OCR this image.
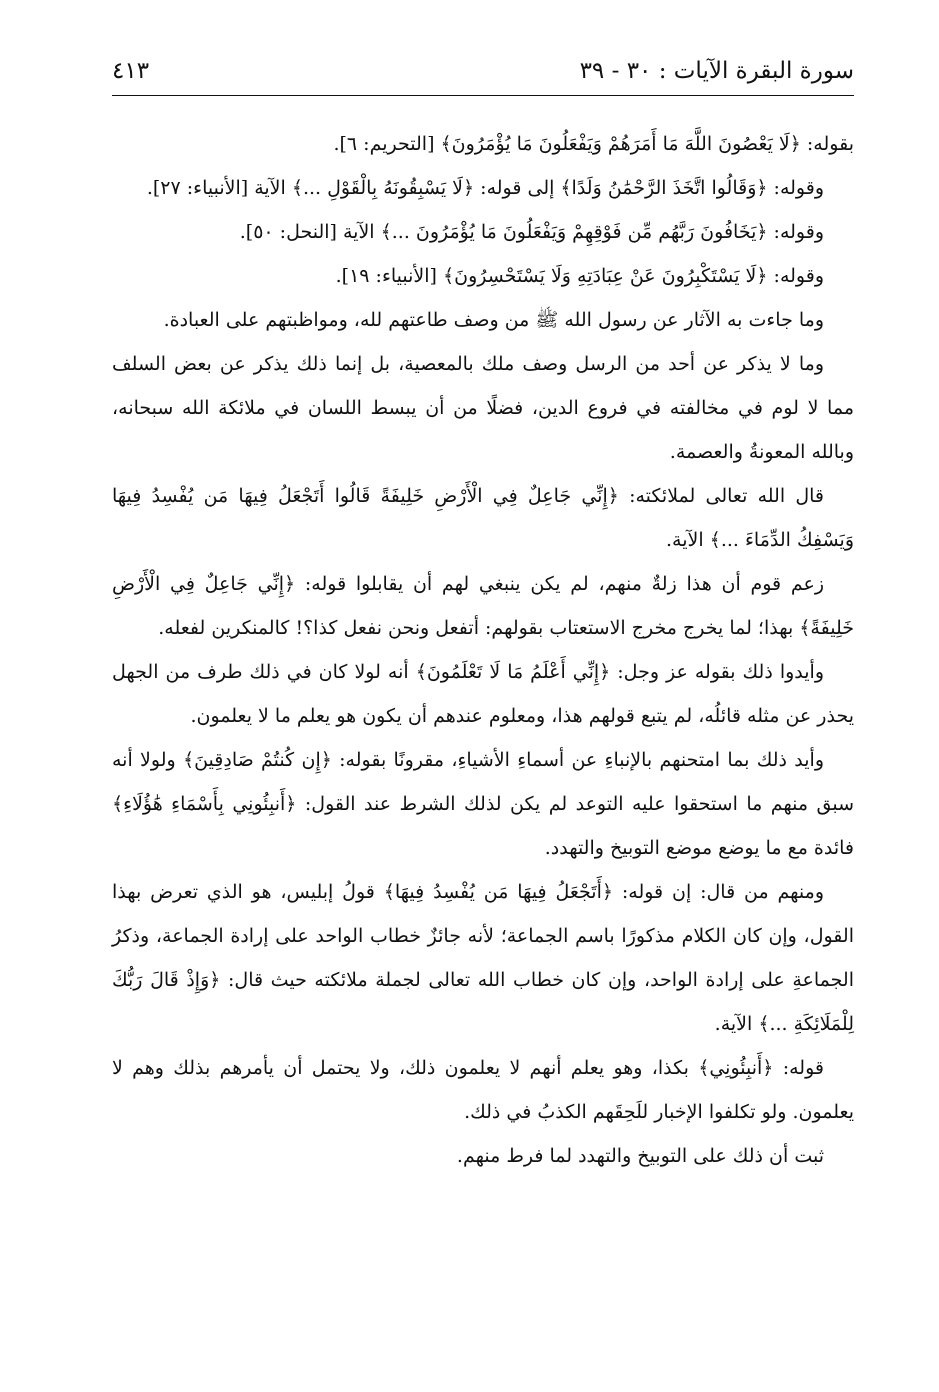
سورة البقرة الآيات : ٣٠ - ٣٩
٤١٣

بقوله: ﴿لَا يَعْصُونَ اللَّهَ مَا أَمَرَهُمْ وَيَفْعَلُونَ مَا يُؤْمَرُونَ﴾ [التحريم: ٦].

وقوله: ﴿وَقَالُوا اتَّخَذَ الرَّحْمَٰنُ وَلَدًا﴾ إلى قوله: ﴿لَا يَسْبِقُونَهُ بِالْقَوْلِ ...﴾ الآية [الأنبياء: ٢٧].

وقوله: ﴿يَخَافُونَ رَبَّهُم مِّن فَوْقِهِمْ وَيَفْعَلُونَ مَا يُؤْمَرُونَ ...﴾ الآية [النحل: ٥٠].

وقوله: ﴿لَا يَسْتَكْبِرُونَ عَنْ عِبَادَتِهِ وَلَا يَسْتَحْسِرُونَ﴾ [الأنبياء: ١٩].

وما جاءت به الآثار عن رسول الله ﷺ من وصف طاعتهم لله، ومواظبتهم على العبادة.

وما لا يذكر عن أحد من الرسل وصف ملك بالمعصية، بل إنما ذلك يذكر عن بعض السلف مما لا لوم في مخالفته في فروع الدين، فضلًا من أن يبسط اللسان في ملائكة الله سبحانه، وبالله المعونةُ والعصمة.

قال الله تعالى لملائكته: ﴿إِنِّي جَاعِلٌ فِي الْأَرْضِ خَلِيفَةً قَالُوا أَتَجْعَلُ فِيهَا مَن يُفْسِدُ فِيهَا وَيَسْفِكُ الدِّمَاءَ ...﴾ الآية.

زعم قوم أن هذا زلةٌ منهم، لم يكن ينبغي لهم أن يقابلوا قوله: ﴿إِنِّي جَاعِلٌ فِي الْأَرْضِ خَلِيفَةً﴾ بهذا؛ لما يخرج مخرج الاستعتاب بقولهم: أتفعل ونحن نفعل كذا؟! كالمنكرين لفعله.

وأيدوا ذلك بقوله عز وجل: ﴿إِنِّي أَعْلَمُ مَا لَا تَعْلَمُونَ﴾ أنه لولا كان في ذلك طرف من الجهل يحذر عن مثله قائلُه، لم يتبع قولهم هذا، ومعلوم عندهم أن يكون هو يعلم ما لا يعلمون.

وأيد ذلك بما امتحنهم بالإنباءِ عن أسماءِ الأشياءِ، مقرونًا بقوله: ﴿إِن كُنتُمْ صَادِقِينَ﴾ ولولا أنه سبق منهم ما استحقوا عليه التوعد لم يكن لذلك الشرط عند القول: ﴿أَنبِئُونِي بِأَسْمَاءِ هَٰؤُلَاءِ﴾ فائدة مع ما يوضع موضع التوبيخ والتهدد.

ومنهم من قال: إن قوله: ﴿أَتَجْعَلُ فِيهَا مَن يُفْسِدُ فِيهَا﴾ قولُ إبليس، هو الذي تعرض بهذا القول، وإن كان الكلام مذكورًا باسم الجماعة؛ لأنه جائزٌ خطاب الواحد على إرادة الجماعة، وذكرُ الجماعةِ على إرادة الواحد، وإن كان خطاب الله تعالى لجملة ملائكته حيث قال: ﴿وَإِذْ قَالَ رَبُّكَ لِلْمَلَائِكَةِ ...﴾ الآية.

قوله: ﴿أَنبِئُونِي﴾ بكذا، وهو يعلم أنهم لا يعلمون ذلك، ولا يحتمل أن يأمرهم بذلك وهم لا يعلمون. ولو تكلفوا الإخبار للَحِقَهم الكذبُ في ذلك.

ثبت أن ذلك على التوبيخ والتهدد لما فرط منهم.
